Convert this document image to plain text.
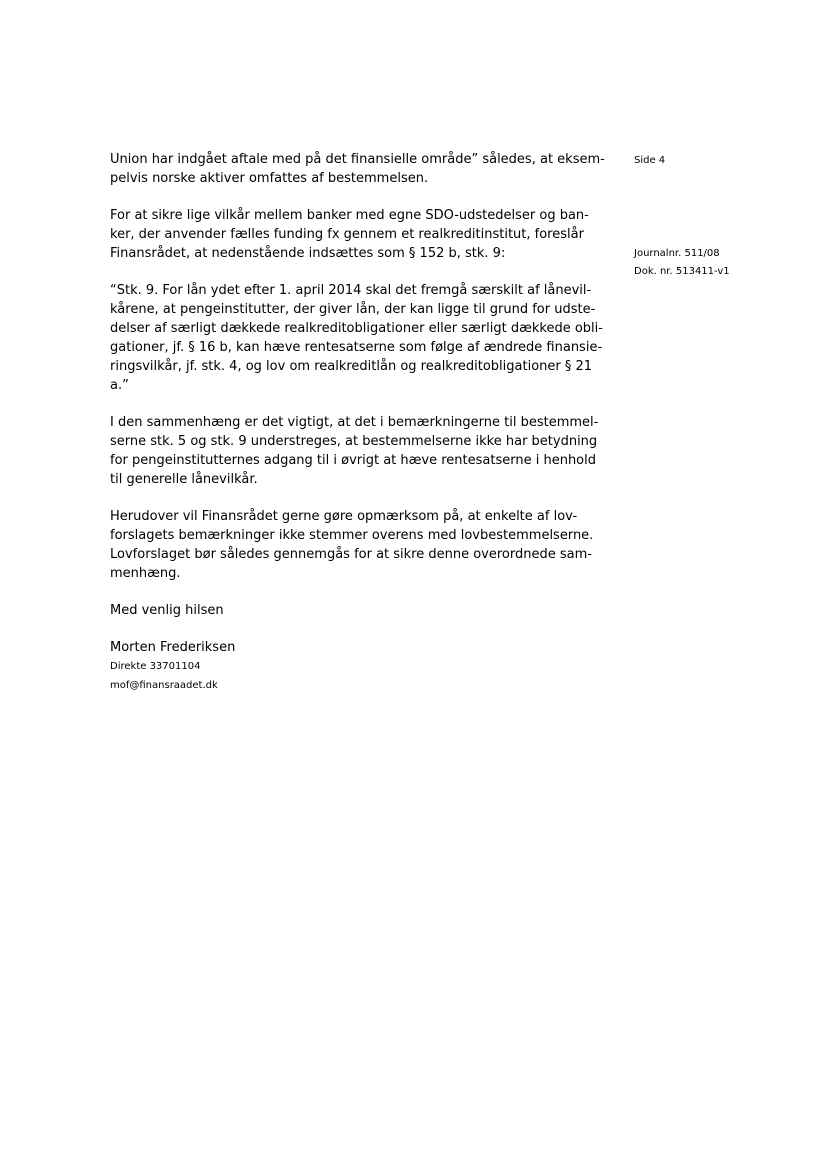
Side 4
Journalnr. 511/08
Dok. nr. 513411-v1

Union har indgået aftale med på det finansielle område” således, at eksem-
pelvis norske aktiver omfattes af bestemmelsen.

For at sikre lige vilkår mellem banker med egne SDO-udstedelser og ban-
ker, der anvender fælles funding fx gennem et realkreditinstitut, foreslår
Finansrådet, at nedenstående indsættes som § 152 b, stk. 9:

“Stk. 9. For lån ydet efter 1. april 2014 skal det fremgå særskilt af lånevil-
kårene, at pengeinstitutter, der giver lån, der kan ligge til grund for udste-
delser af særligt dækkede realkreditobligationer eller særligt dækkede obli-
gationer, jf. § 16 b, kan hæve rentesatserne som følge af ændrede finansie-
ringsvilkår, jf. stk. 4, og lov om realkreditlån og realkreditobligationer § 21
a.”

I den sammenhæng er det vigtigt, at det i bemærkningerne til bestemmel-
serne stk. 5 og stk. 9 understreges, at bestemmelserne ikke har betydning
for pengeinstitutternes adgang til i øvrigt at hæve rentesatserne i henhold
til generelle lånevilkår.

Herudover vil Finansrådet gerne gøre opmærksom på, at enkelte af lov-
forslagets bemærkninger ikke stemmer overens med lovbestemmelserne.
Lovforslaget bør således gennemgås for at sikre denne overordnede sam-
menhæng.

Med venlig hilsen

Morten Frederiksen
Direkte 33701104
mof@finansraadet.dk
